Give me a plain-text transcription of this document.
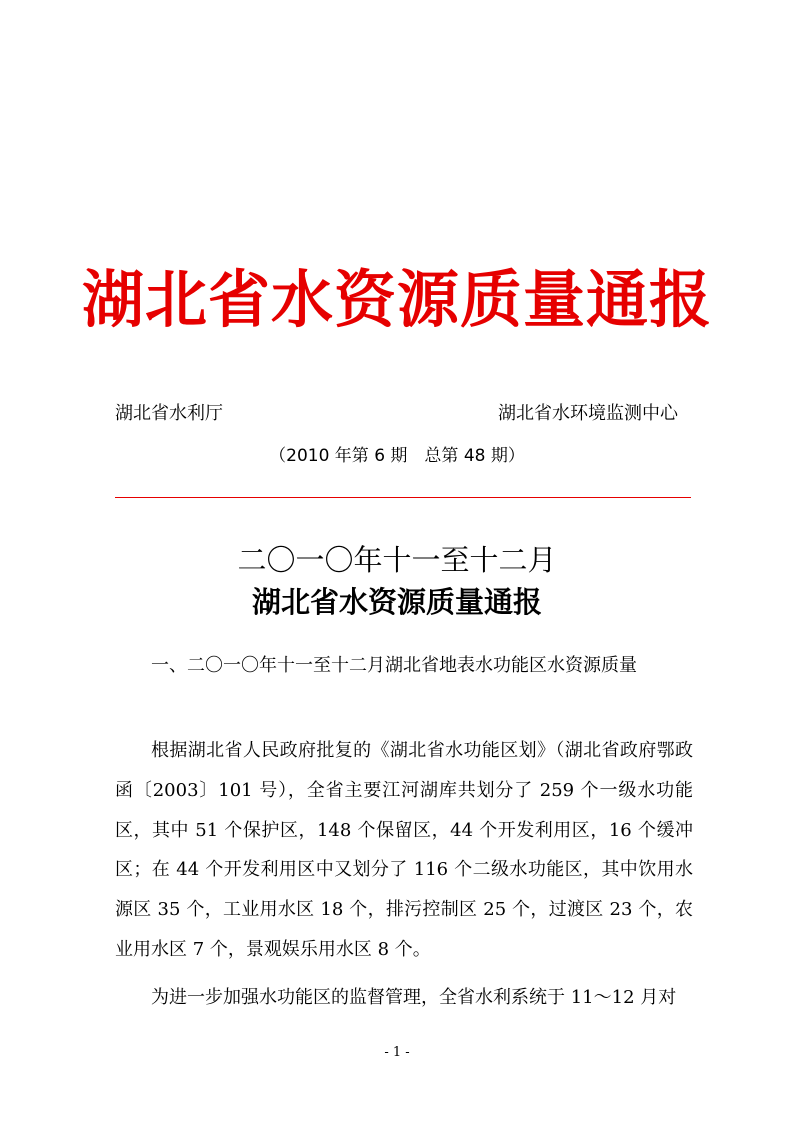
湖北省水资源质量通报
湖北省水利厅	湖北省水环境监测中心
（2010 年第 6 期　总第 48 期）
二〇一〇年十一至十二月
湖北省水资源质量通报
一、二〇一〇年十一至十二月湖北省地表水功能区水资源质量
根据湖北省人民政府批复的《湖北省水功能区划》（湖北省政府鄂政函〔2003〕101 号），全省主要江河湖库共划分了 259 个一级水功能区，其中 51 个保护区，148 个保留区，44 个开发利用区，16 个缓冲区；在 44 个开发利用区中又划分了 116 个二级水功能区，其中饮用水源区 35 个，工业用水区 18 个，排污控制区 25 个，过渡区 23 个，农业用水区 7 个，景观娱乐用水区 8 个。
为进一步加强水功能区的监督管理，全省水利系统于 11～12 月对
- 1 -
